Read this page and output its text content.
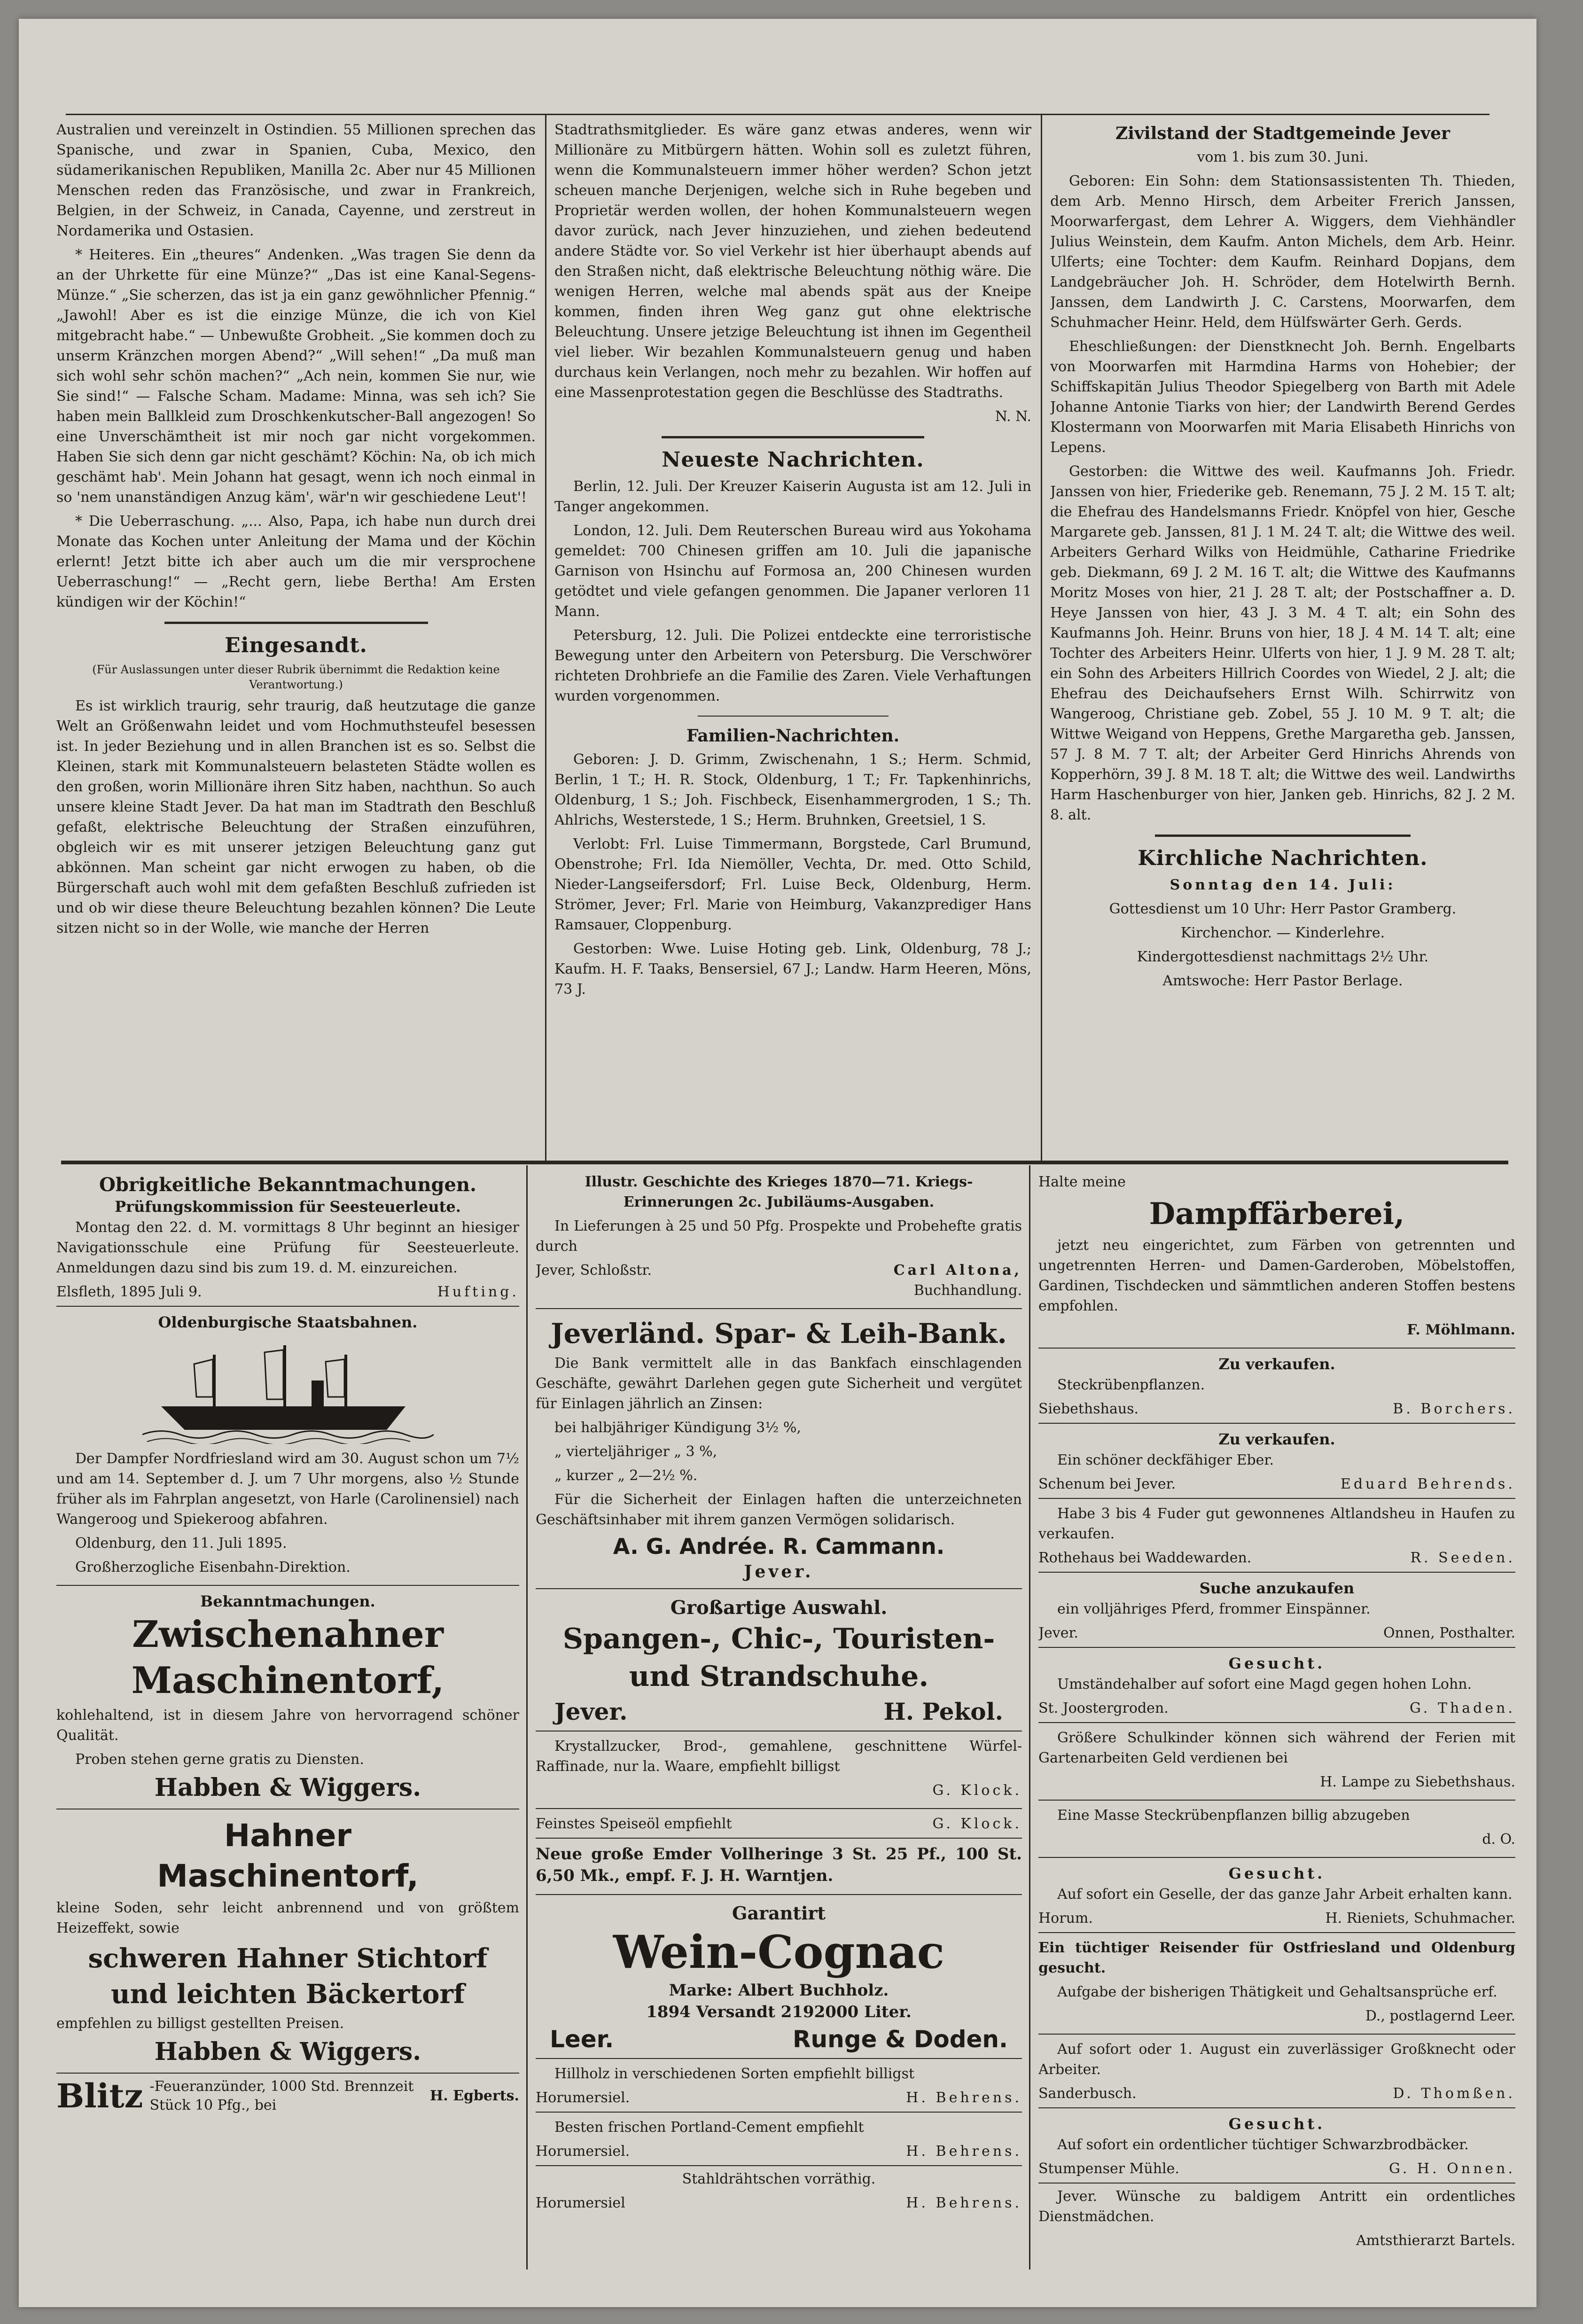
Australien und vereinzelt in Ostindien. 55 Millionen sprechen das Spanische, und zwar in Spanien, Cuba, Mexico, den südamerikanischen Republiken, Manilla 2c. Aber nur 45 Millionen Menschen reden das Französische, und zwar in Frankreich, Belgien, in der Schweiz, in Canada, Cayenne, und zerstreut in Nordamerika und Ostasien.

* Heiteres. Ein „theures“ Andenken. „Was tragen Sie denn da an der Uhrkette für eine Münze?“ „Das ist eine Kanal-Segens-Münze.“ „Sie scherzen, das ist ja ein ganz gewöhnlicher Pfennig.“ „Jawohl! Aber es ist die einzige Münze, die ich von Kiel mitgebracht habe.“ — Unbewußte Grobheit. „Sie kommen doch zu unserm Kränzchen morgen Abend?“ „Will sehen!“ „Da muß man sich wohl sehr schön machen?“ „Ach nein, kommen Sie nur, wie Sie sind!“ — Falsche Scham. Madame: Minna, was seh ich? Sie haben mein Ballkleid zum Droschkenkutscher-Ball angezogen! So eine Unverschämtheit ist mir noch gar nicht vorgekommen. Haben Sie sich denn gar nicht geschämt? Köchin: Na, ob ich mich geschämt hab'. Mein Johann hat gesagt, wenn ich noch einmal in so 'nem unanständigen Anzug käm', wär'n wir geschiedene Leut'!

* Die Ueberraschung. „... Also, Papa, ich habe nun durch drei Monate das Kochen unter Anleitung der Mama und der Köchin erlernt! Jetzt bitte ich aber auch um die mir versprochene Ueberraschung!“ — „Recht gern, liebe Bertha! Am Ersten kündigen wir der Köchin!“

Eingesandt.

(Für Auslassungen unter dieser Rubrik übernimmt die Redaktion keine Verantwortung.)

Es ist wirklich traurig, sehr traurig, daß heutzutage die ganze Welt an Größenwahn leidet und vom Hochmuthsteufel besessen ist. In jeder Beziehung und in allen Branchen ist es so. Selbst die Kleinen, stark mit Kommunalsteuern belasteten Städte wollen es den großen, worin Millionäre ihren Sitz haben, nachthun. So auch unsere kleine Stadt Jever. Da hat man im Stadtrath den Beschluß gefaßt, elektrische Beleuchtung der Straßen einzuführen, obgleich wir es mit unserer jetzigen Beleuchtung ganz gut abkönnen. Man scheint gar nicht erwogen zu haben, ob die Bürgerschaft auch wohl mit dem gefaßten Beschluß zufrieden ist und ob wir diese theure Beleuchtung bezahlen können? Die Leute sitzen nicht so in der Wolle, wie manche der Herren

Stadtrathsmitglieder. Es wäre ganz etwas anderes, wenn wir Millionäre zu Mitbürgern hätten. Wohin soll es zuletzt führen, wenn die Kommunalsteuern immer höher werden? Schon jetzt scheuen manche Derjenigen, welche sich in Ruhe begeben und Proprietär werden wollen, der hohen Kommunalsteuern wegen davor zurück, nach Jever hinzuziehen, und ziehen bedeutend andere Städte vor. So viel Verkehr ist hier überhaupt abends auf den Straßen nicht, daß elektrische Beleuchtung nöthig wäre. Die wenigen Herren, welche mal abends spät aus der Kneipe kommen, finden ihren Weg ganz gut ohne elektrische Beleuchtung. Unsere jetzige Beleuchtung ist ihnen im Gegentheil viel lieber. Wir bezahlen Kommunalsteuern genug und haben durchaus kein Verlangen, noch mehr zu bezahlen. Wir hoffen auf eine Massenprotestation gegen die Beschlüsse des Stadtraths.

N. N.

Neueste Nachrichten.

Berlin, 12. Juli. Der Kreuzer Kaiserin Augusta ist am 12. Juli in Tanger angekommen.

London, 12. Juli. Dem Reuterschen Bureau wird aus Yokohama gemeldet: 700 Chinesen griffen am 10. Juli die japanische Garnison von Hsinchu auf Formosa an, 200 Chinesen wurden getödtet und viele gefangen genommen. Die Japaner verloren 11 Mann.

Petersburg, 12. Juli. Die Polizei entdeckte eine terroristische Bewegung unter den Arbeitern von Petersburg. Die Verschwörer richteten Drohbriefe an die Familie des Zaren. Viele Verhaftungen wurden vorgenommen.

Familien-Nachrichten.

Geboren: J. D. Grimm, Zwischenahn, 1 S.; Herm. Schmid, Berlin, 1 T.; H. R. Stock, Oldenburg, 1 T.; Fr. Tapkenhinrichs, Oldenburg, 1 S.; Joh. Fischbeck, Eisenhammergroden, 1 S.; Th. Ahlrichs, Westerstede, 1 S.; Herm. Bruhnken, Greetsiel, 1 S.

Verlobt: Frl. Luise Timmermann, Borgstede, Carl Brumund, Obenstrohe; Frl. Ida Niemöller, Vechta, Dr. med. Otto Schild, Nieder-Langseifersdorf; Frl. Luise Beck, Oldenburg, Herm. Strömer, Jever; Frl. Marie von Heimburg, Vakanzprediger Hans Ramsauer, Cloppenburg.

Gestorben: Wwe. Luise Hoting geb. Link, Oldenburg, 78 J.; Kaufm. H. F. Taaks, Bensersiel, 67 J.; Landw. Harm Heeren, Möns, 73 J.

Zivilstand der Stadtgemeinde Jever

vom 1. bis zum 30. Juni.

Geboren: Ein Sohn: dem Stationsassistenten Th. Thieden, dem Arb. Menno Hirsch, dem Arbeiter Frerich Janssen, Moorwarfergast, dem Lehrer A. Wiggers, dem Viehhändler Julius Weinstein, dem Kaufm. Anton Michels, dem Arb. Heinr. Ulferts; eine Tochter: dem Kaufm. Reinhard Dopjans, dem Landgebräucher Joh. H. Schröder, dem Hotelwirth Bernh. Janssen, dem Landwirth J. C. Carstens, Moorwarfen, dem Schuhmacher Heinr. Held, dem Hülfswärter Gerh. Gerds.

Eheschließungen: der Dienstknecht Joh. Bernh. Engelbarts von Moorwarfen mit Harmdina Harms von Hohebier; der Schiffskapitän Julius Theodor Spiegelberg von Barth mit Adele Johanne Antonie Tiarks von hier; der Landwirth Berend Gerdes Klostermann von Moorwarfen mit Maria Elisabeth Hinrichs von Lepens.

Gestorben: die Wittwe des weil. Kaufmanns Joh. Friedr. Janssen von hier, Friederike geb. Renemann, 75 J. 2 M. 15 T. alt; die Ehefrau des Handelsmanns Friedr. Knöpfel von hier, Gesche Margarete geb. Janssen, 81 J. 1 M. 24 T. alt; die Wittwe des weil. Arbeiters Gerhard Wilks von Heidmühle, Catharine Friedrike geb. Diekmann, 69 J. 2 M. 16 T. alt; die Wittwe des Kaufmanns Moritz Moses von hier, 21 J. 28 T. alt; der Postschaffner a. D. Heye Janssen von hier, 43 J. 3 M. 4 T. alt; ein Sohn des Kaufmanns Joh. Heinr. Bruns von hier, 18 J. 4 M. 14 T. alt; eine Tochter des Arbeiters Heinr. Ulferts von hier, 1 J. 9 M. 28 T. alt; ein Sohn des Arbeiters Hillrich Coordes von Wiedel, 2 J. alt; die Ehefrau des Deichaufsehers Ernst Wilh. Schirrwitz von Wangeroog, Christiane geb. Zobel, 55 J. 10 M. 9 T. alt; die Wittwe Weigand von Heppens, Grethe Margaretha geb. Janssen, 57 J. 8 M. 7 T. alt; der Arbeiter Gerd Hinrichs Ahrends von Kopperhörn, 39 J. 8 M. 18 T. alt; die Wittwe des weil. Landwirths Harm Haschenburger von hier, Janken geb. Hinrichs, 82 J. 2 M. 8. alt.

Kirchliche Nachrichten.

Sonntag den 14. Juli:

Gottesdienst um 10 Uhr: Herr Pastor Gramberg.

Kirchenchor. — Kinderlehre.

Kindergottesdienst nachmittags 2½ Uhr.

Amtswoche: Herr Pastor Berlage.

Obrigkeitliche Bekanntmachungen.
Prüfungskommission für Seesteuerleute.

Montag den 22. d. M. vormittags 8 Uhr beginnt an hiesiger Navigationsschule eine Prüfung für Seesteuerleute. Anmeldungen dazu sind bis zum 19. d. M. einzureichen.

Elsfleth, 1895 Juli 9.	Hufting.
Oldenburgische Staatsbahnen.

Der Dampfer Nordfriesland wird am 30. August schon um 7½ und am 14. September d. J. um 7 Uhr morgens, also ½ Stunde früher als im Fahrplan angesetzt, von Harle (Carolinensiel) nach Wangeroog und Spiekeroog abfahren.

Oldenburg, den 11. Juli 1895.

Großherzogliche Eisenbahn-Direktion.

Bekanntmachungen.
Zwischenahner
Maschinentorf,

kohlehaltend, ist in diesem Jahre von hervorragend schöner Qualität.

Proben stehen gerne gratis zu Diensten.

Habben & Wiggers.
Hahner
Maschinentorf,

kleine Soden, sehr leicht anbrennend und von größtem Heizeffekt, sowie

schweren Hahner Stichtorf
und leichten Bäckertorf

empfehlen zu billigst gestellten Preisen.

Habben & Wiggers.
Blitz -Feueranzünder, 1000 Std. Brennzeit Stück 10 Pfg., bei
H. Egberts.

Illustr. Geschichte des Krieges 1870—71. Kriegs-Erinnerungen 2c. Jubiläums-Ausgaben.

In Lieferungen à 25 und 50 Pfg. Prospekte und Probehefte gratis durch

Jever, Schloßstr.	Carl Altona,

Buchhandlung.

Jeverländ. Spar- & Leih-Bank.

Die Bank vermittelt alle in das Bankfach einschlagenden Geschäfte, gewährt Darlehen gegen gute Sicherheit und vergütet für Einlagen jährlich an Zinsen:

bei halbjähriger Kündigung 3½ %,

„ vierteljähriger „ 3 %,

„ kurzer „ 2—2½ %.

Für die Sicherheit der Einlagen haften die unterzeichneten Geschäftsinhaber mit ihrem ganzen Vermögen solidarisch.

A. G. Andrée. R. Cammann.
Jever.
Großartige Auswahl.
Spangen-, Chic-, Touristen-
und Strandschuhe.
Jever.	H. Pekol.

Krystallzucker, Brod-, gemahlene, geschnittene Würfel-Raffinade, nur la. Waare, empfiehlt billigst

G. Klock.

Feinstes Speiseöl empfiehlt	G. Klock.

Neue große Emder Vollheringe 3 St. 25 Pf., 100 St. 6,50 Mk., empf. F. J. H. Warntjen.

Garantirt
Wein-Cognac
Marke: Albert Buchholz.
1894 Versandt 2192000 Liter.
Leer.	Runge & Doden.

Hillholz in verschiedenen Sorten empfiehlt billigst

Horumersiel.	H. Behrens.

Besten frischen Portland-Cement empfiehlt

Horumersiel.	H. Behrens.

Stahldrähtschen vorräthig.

Horumersiel	H. Behrens.

Halte meine

Dampffärberei,

jetzt neu eingerichtet, zum Färben von getrennten und ungetrennten Herren- und Damen-Garderoben, Möbelstoffen, Gardinen, Tischdecken und sämmtlichen anderen Stoffen bestens empfohlen.

F. Möhlmann.

Zu verkaufen.

Steckrübenpflanzen.

Siebethshaus.	B. Borchers.
Zu verkaufen.

Ein schöner deckfähiger Eber.

Schenum bei Jever.	Eduard Behrends.

Habe 3 bis 4 Fuder gut gewonnenes Altlandsheu in Haufen zu verkaufen.

Rothehaus bei Waddewarden.	R. Seeden.
Suche anzukaufen

ein volljähriges Pferd, frommer Einspänner.

Jever.	Onnen, Posthalter.
Gesucht.

Umständehalber auf sofort eine Magd gegen hohen Lohn.

St. Joostergroden.	G. Thaden.

Größere Schulkinder können sich während der Ferien mit Gartenarbeiten Geld verdienen bei

H. Lampe zu Siebethshaus.

Eine Masse Steckrübenpflanzen billig abzugeben

d. O.

Gesucht.

Auf sofort ein Geselle, der das ganze Jahr Arbeit erhalten kann.

Horum.	H. Rieniets, Schuhmacher.

Ein tüchtiger Reisender für Ostfriesland und Oldenburg gesucht.

Aufgabe der bisherigen Thätigkeit und Gehaltsansprüche erf.

D., postlagernd Leer.

Auf sofort oder 1. August ein zuverlässiger Großknecht oder Arbeiter.

Sanderbusch.	D. Thomßen.
Gesucht.

Auf sofort ein ordentlicher tüchtiger Schwarzbrodbäcker.

Stumpenser Mühle.	G. H. Onnen.

Jever. Wünsche zu baldigem Antritt ein ordentliches Dienstmädchen.

Amtsthierarzt Bartels.
